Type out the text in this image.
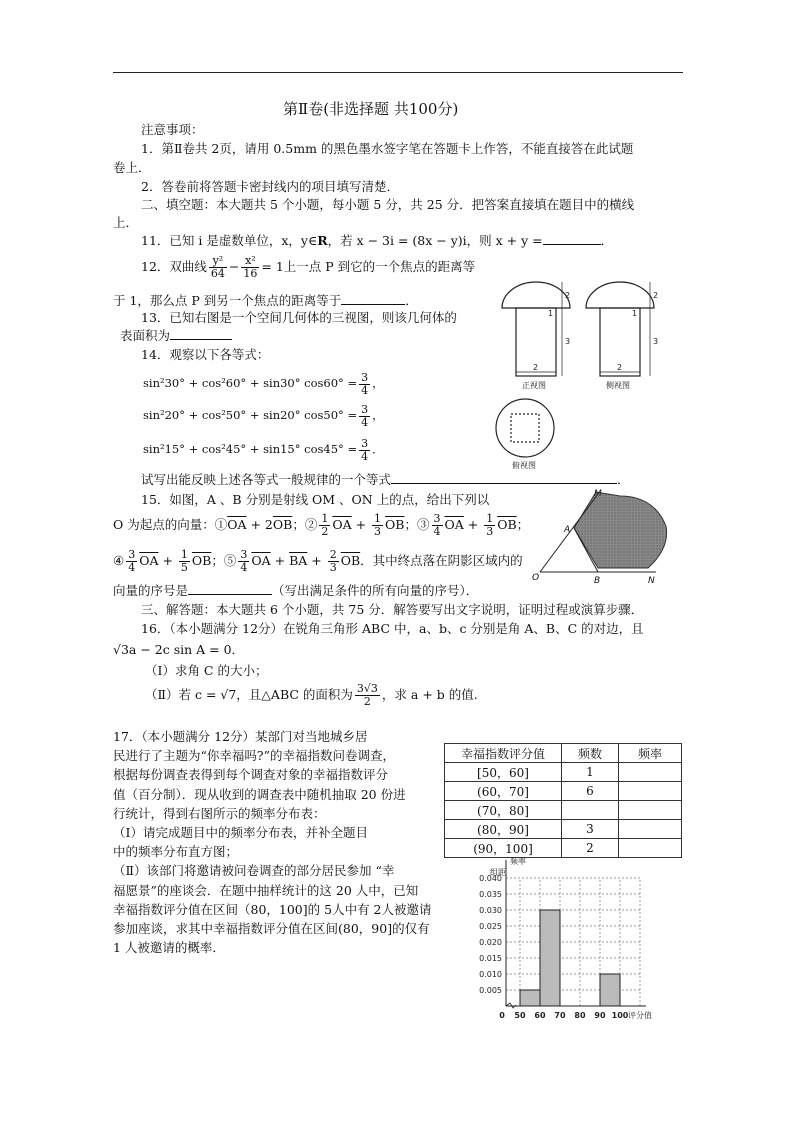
第Ⅱ卷(非选择题 共100分)
注意事项：
1．第Ⅱ卷共 2页，请用 0.5mm 的黑色墨水签字笔在答题卡上作答，不能直接答在此试题
卷上．
2．答卷前将答题卡密封线内的项目填写清楚．
二、填空题：本大题共 5 个小题，每小题 5 分，共 25 分．把答案直接填在题目中的横线
上．
11．已知 i 是虚数单位，x，y∈R，若 x − 3i = (8x − y)i，则 x + y =	．
12．双曲线 $\frac{\text{y²}}{64} - \frac{\text{x²}}{16} = 1$上一点 P 到它的一个焦点的距离等
于 1，那么点 P 到另一个焦点的距离等于	．
13．已知右图是一个空间几何体的三视图，则该几何体的
表面积为
14．观察以下各等式：
sin²30° + cos²60° + sin30° $\cos 60^\circ = \frac{3}{4}$ ，
sin²20° + cos²50° + sin20° $\cos 50^\circ = \frac{3}{4}$ ，
sin²15° + cos²45° + sin15° $\cos 45^\circ = \frac{3}{4}$ ．
试写出能反映上述各等式一般规律的一个等式	．
15．如图，A 、B 分别是射线 OM 、ON 上的点，给出下列以
O 为起点的向量：$①\overline{OA} + 2\overline{OB}$；② $\frac{1}{2} \overline{OA} + \frac{1}{3} \overline{OB}$；③ $\frac{3}{4} \overline{OA} + \frac{1}{3} \overline{OB}$；
④ $\frac{3}{4} \overline{OA} + \frac{1}{5} \overline{OB}$；⑤ $\frac{3}{4} \overline{OA} + \overline{BA} + \frac{2}{3} \overline{OB}$．其中终点落在阴影区域内的
向量的序号是	（写出满足条件的所有向量的序号）．
三、解答题：本大题共 6 个小题，共 75 分．解答要写出文字说明，证明过程或演算步骤．
16．（本小题满分 12分）在锐角三角形 ABC 中，a、b、c 分别是角 A、B、C 的对边，且
√3a − 2c sin A = 0．
（Ⅰ）求角 C 的大小；
（Ⅱ）若 c = √7，且△ABC 的面积为 $\frac{3√3}{2}$ ，求 a + b 的值.
17．（本小题满分 12分）某部门对当地城乡居
民进行了主题为“你幸福吗?”的幸福指数问卷调查，
根据每份调查表得到每个调查对象的幸福指数评分
值（百分制）．现从收到的调查表中随机抽取 20 份进
行统计，得到右图所示的频率分布表：
（Ⅰ）请完成题目中的频率分布表，并补全题目
中的频率分布直方图；
（Ⅱ）该部门将邀请被问卷调查的部分居民参加 “幸
福愿景”的座谈会．在题中抽样统计的这 20 人中，已知
幸福指数评分值在区间（80，100]的 5人中有 2人被邀请
参加座谈，求其中幸福指数评分值在区间(80，90]的仅有
1 人被邀请的概率．
幸福指数评分值	频数	频率
[50，60]	1	
(60，70]	6	
(70，80]		
(80，90]	3	
(90，100]	2	
2
1
3
2
1
3
2	2
正视图	侧视图
俯视图
M
A
O	B	N
0.005
0.010
0.015
0.020
0.025
0.030
0.035
0.040
0 50 60 70 80 90 100 评分值
频率
组距
